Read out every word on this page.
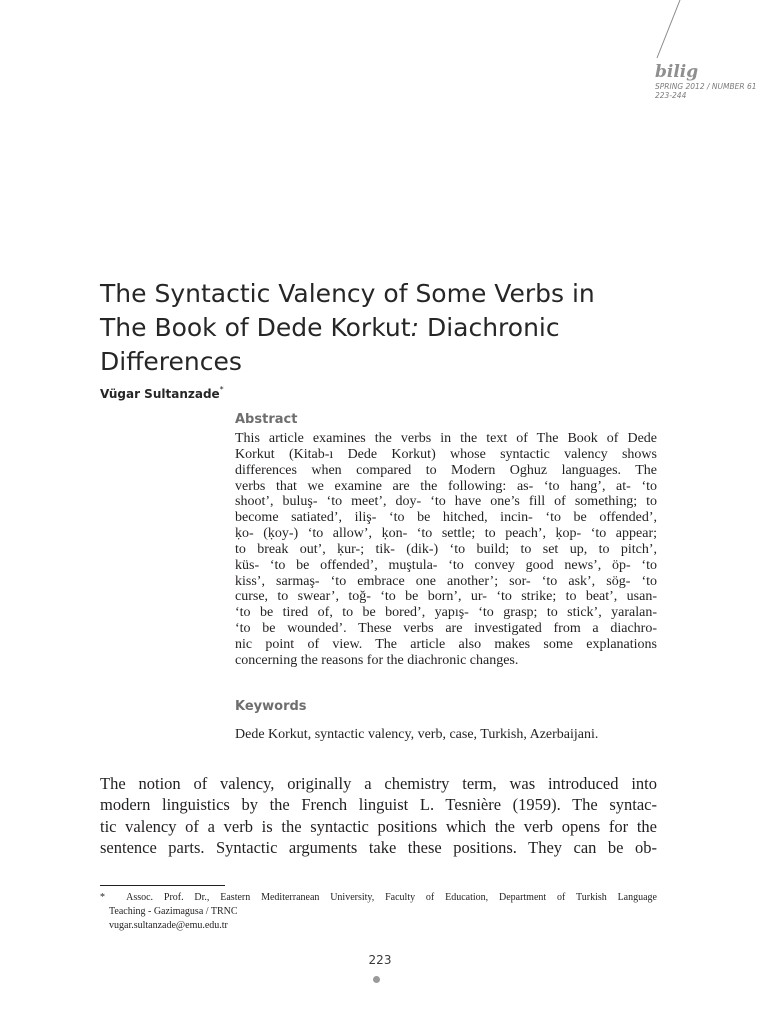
bilig
SPRING 2012 / NUMBER 61
223-244
The Syntactic Valency of Some Verbs in
The Book of Dede Korkut: Diachronic
Differences
Vügar Sultanzade*
Abstract
This article examines the verbs in the text of The Book of Dede
Korkut (Kitab-ı Dede Korkut) whose syntactic valency shows
differences when compared to Modern Oghuz languages. The
verbs that we examine are the following: as- ‘to hang’, at- ‘to
shoot’, buluş- ‘to meet’, doy- ‘to have one’s fill of something; to
become satiated’, iliş- ‘to be hitched, incin- ‘to be offended’,
ḳo- (ḳoy-) ‘to allow’, ḳon- ‘to settle; to peach’, ḳop- ‘to appear;
to break out’, ḳur-; tik- (dik-) ‘to build; to set up, to pitch’,
küs- ‘to be offended’, muştula- ‘to convey good news’, öp- ‘to
kiss’, sarmaş- ‘to embrace one another’; sor- ‘to ask’, sög- ‘to
curse, to swear’, toğ- ‘to be born’, ur- ‘to strike; to beat’, usan-
‘to be tired of, to be bored’, yapış- ‘to grasp; to stick’, yaralan-
‘to be wounded’. These verbs are investigated from a diachro-
nic point of view. The article also makes some explanations
concerning the reasons for the diachronic changes.
Keywords
Dede Korkut, syntactic valency, verb, case, Turkish, Azerbaijani.
The notion of valency, originally a chemistry term, was introduced into
modern linguistics by the French linguist L. Tesnière (1959). The syntac-
tic valency of a verb is the syntactic positions which the verb opens for the
sentence parts. Syntactic arguments take these positions. They can be ob-
* Assoc. Prof. Dr., Eastern Mediterranean University, Faculty of Education, Department of Turkish Language
Teaching - Gazimagusa / TRNC
vugar.sultanzade@emu.edu.tr
223
